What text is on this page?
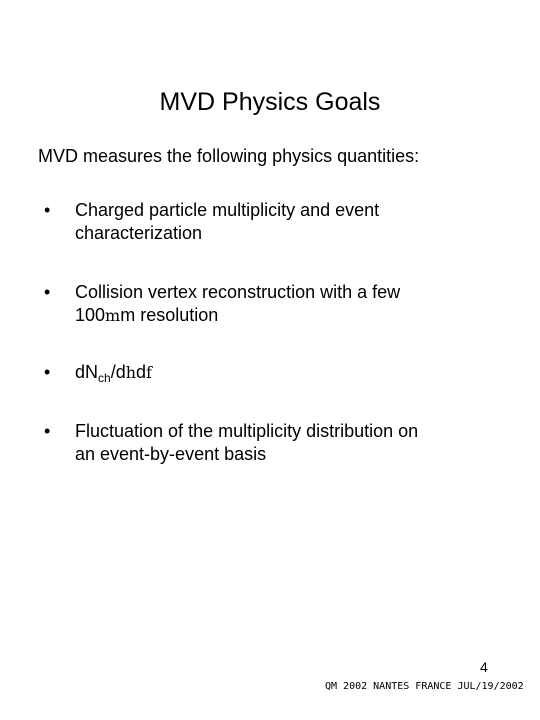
MVD Physics Goals

MVD measures the following physics quantities:

•	Charged particle multiplicity and event
characterization
•	Collision vertex reconstruction with a few
100mm resolution
•	$dN_{ch}$/dhdf
•	Fluctuation of the multiplicity distribution on
an event-by-event basis

4

QM 2002 NANTES FRANCE JUL/19/2002
